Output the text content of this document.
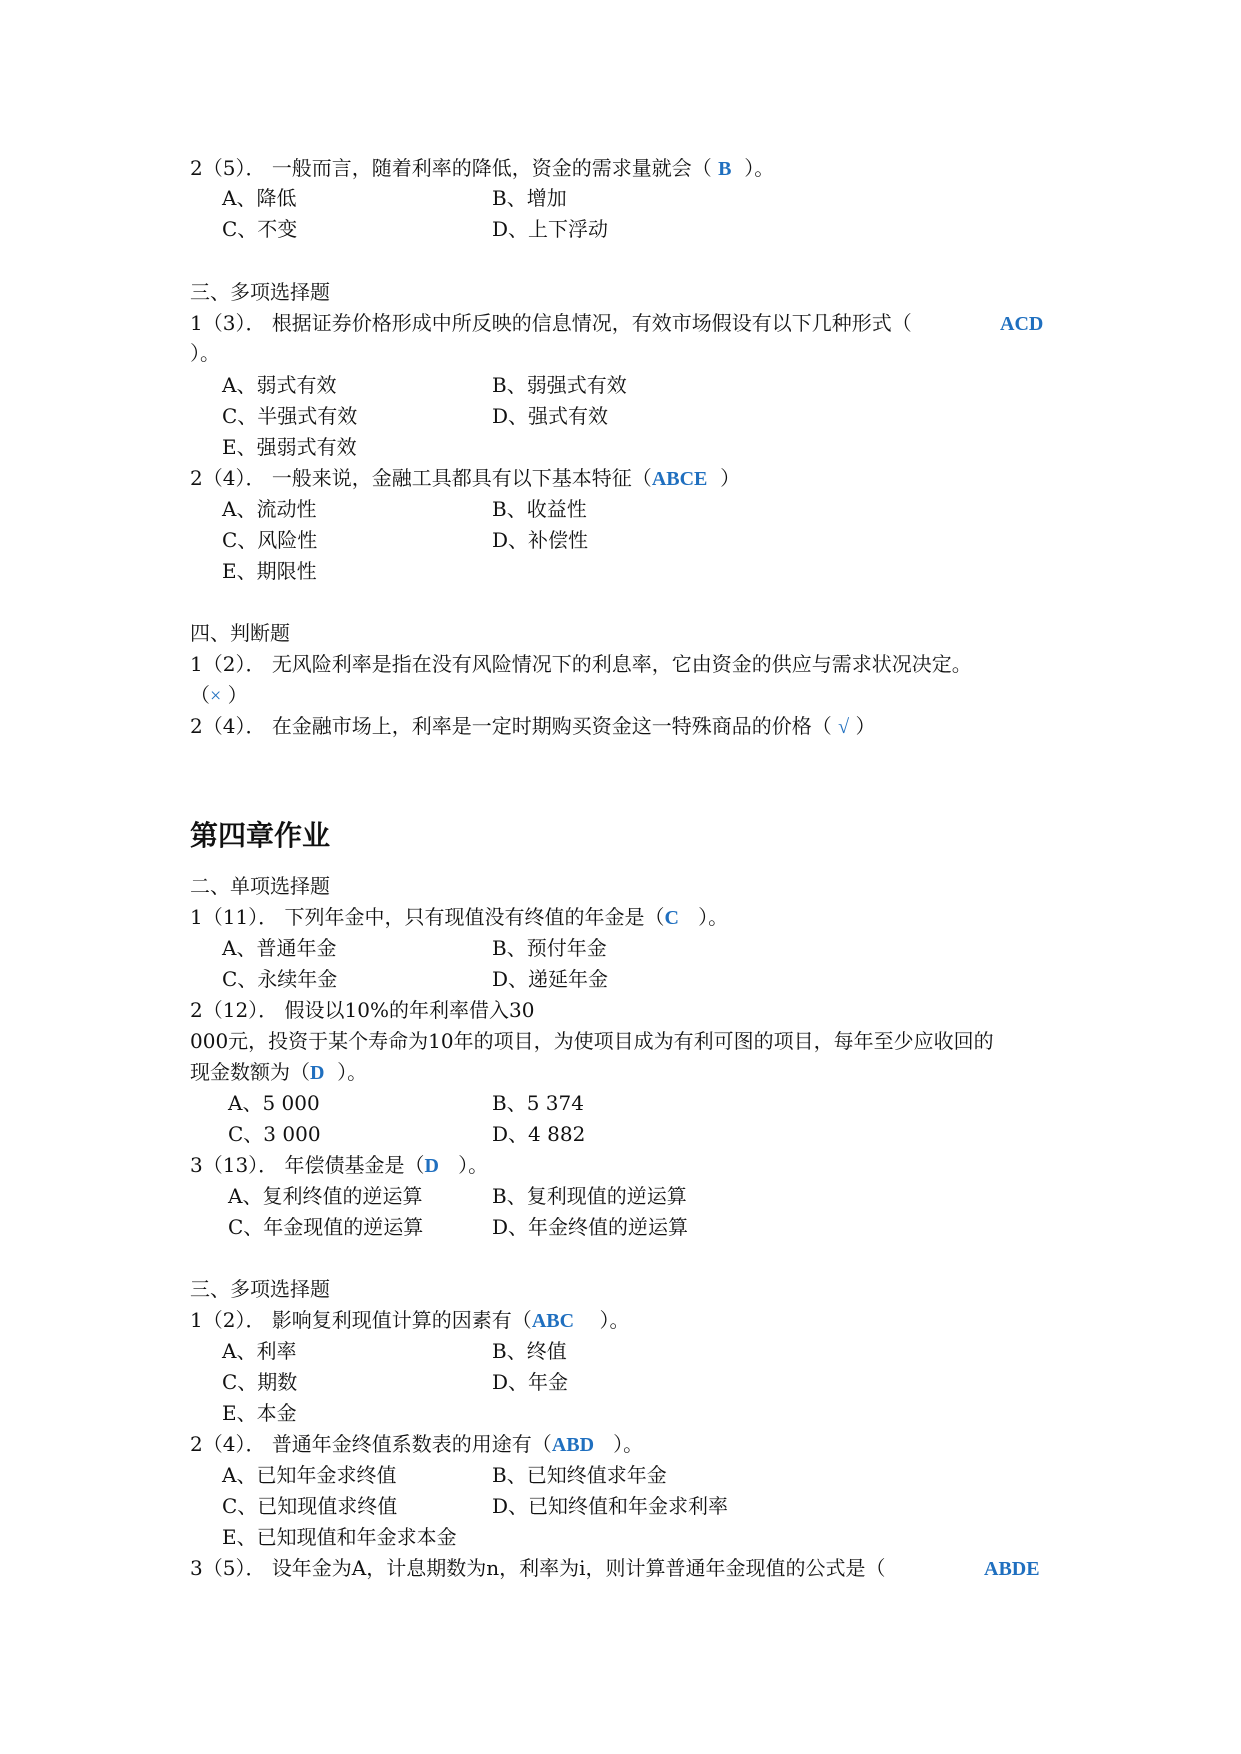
2（5）． 一般而言，随着利率的降低，资金的需求量就会（ B ）。
A、降低	B、增加
C、不变	D、上下浮动
三、多项选择题
1（3）． 根据证券价格形成中所反映的信息情况，有效市场假设有以下几种形式（	ACD
）。
A、弱式有效	B、弱强式有效
C、半强式有效	D、强式有效
E、强弱式有效
2（4）． 一般来说，金融工具都具有以下基本特征（ABCE ）
A、流动性	B、收益性
C、风险性	D、补偿性
E、期限性
四、判断题
1（2）． 无风险利率是指在没有风险情况下的利息率，它由资金的供应与需求状况决定。
（× ）
2（4）． 在金融市场上，利率是一定时期购买资金这一特殊商品的价格（ √ ）
第四章作业
二、单项选择题
1（11）． 下列年金中，只有现值没有终值的年金是（C ）。
A、普通年金	B、预付年金
C、永续年金	D、递延年金
2（12）． 假设以10%的年利率借入30
000元，投资于某个寿命为10年的项目，为使项目成为有利可图的项目，每年至少应收回的
现金数额为（D ）。
A、5 000	B、5 374
C、3 000	D、4 882
3（13）． 年偿债基金是（D ）。
A、复利终值的逆运算	B、复利现值的逆运算
C、年金现值的逆运算	D、年金终值的逆运算
三、多项选择题
1（2）． 影响复利现值计算的因素有（ABC ）。
A、利率	B、终值
C、期数	D、年金
E、本金
2（4）． 普通年金终值系数表的用途有（ABD ）。
A、已知年金求终值	B、已知终值求年金
C、已知现值求终值	D、已知终值和年金求利率
E、已知现值和年金求本金
3（5）． 设年金为A，计息期数为n，利率为i，则计算普通年金现值的公式是（	ABDE
